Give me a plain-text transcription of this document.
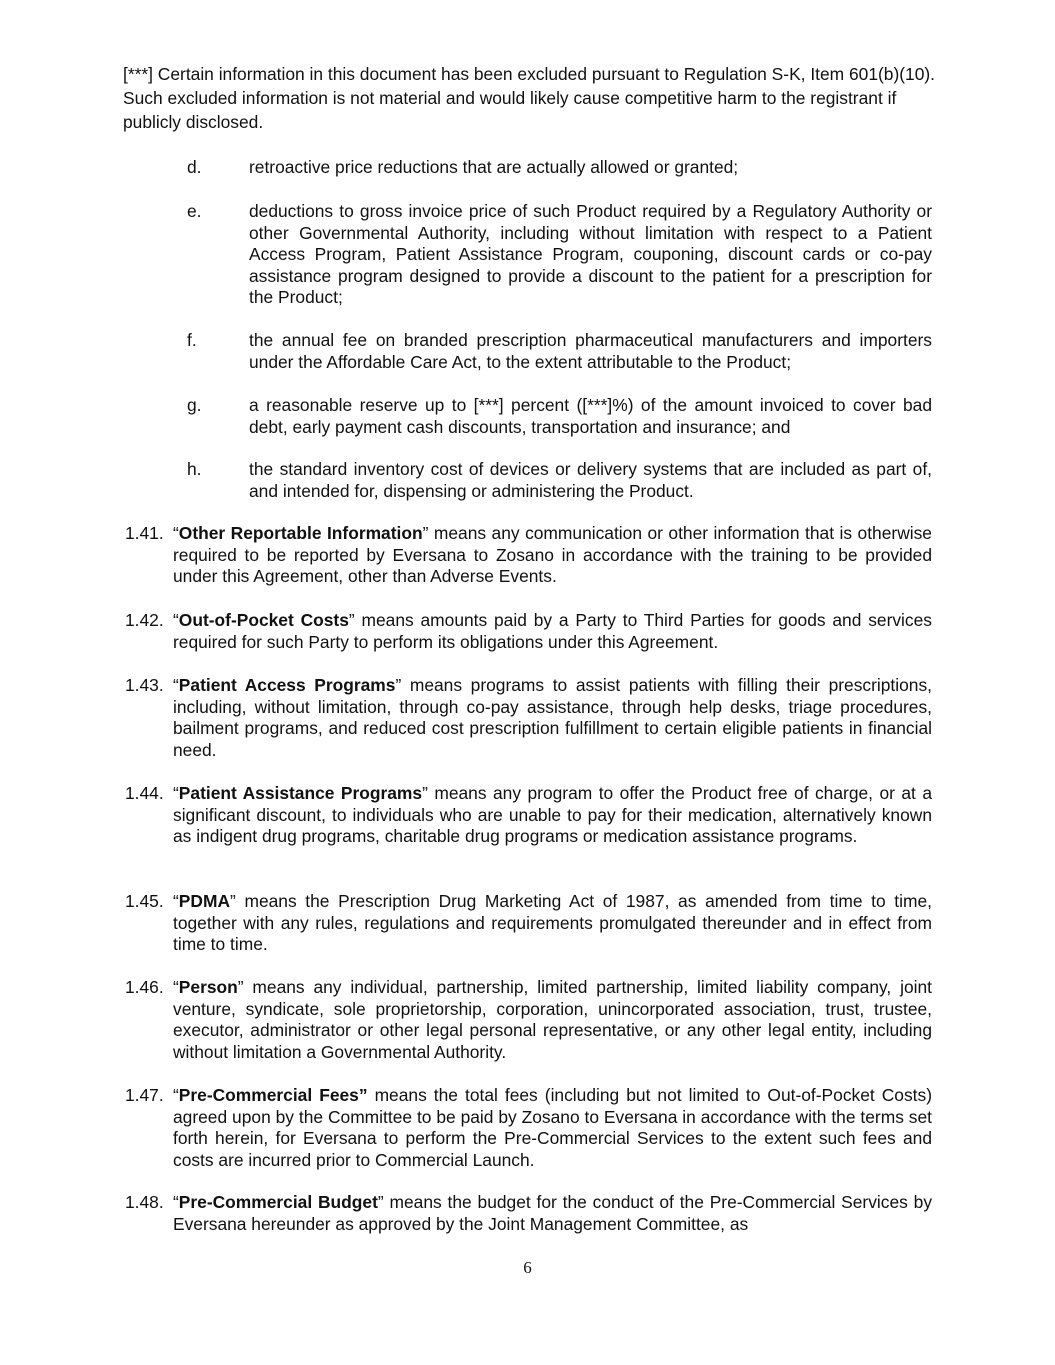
[***] Certain information in this document has been excluded pursuant to Regulation S-K, Item 601(b)(10). Such excluded information is not material and would likely cause competitive harm to the registrant if publicly disclosed.
d.	retroactive price reductions that are actually allowed or granted;
e.	deductions to gross invoice price of such Product required by a Regulatory Authority or other Governmental Authority, including without limitation with respect to a Patient Access Program, Patient Assistance Program, couponing, discount cards or co-pay assistance program designed to provide a discount to the patient for a prescription for the Product;
f.	the annual fee on branded prescription pharmaceutical manufacturers and importers under the Affordable Care Act, to the extent attributable to the Product;
g.	a reasonable reserve up to [***] percent ([***]%) of the amount invoiced to cover bad debt, early payment cash discounts, transportation and insurance; and
h.	the standard inventory cost of devices or delivery systems that are included as part of, and intended for, dispensing or administering the Product.
1.41. “Other Reportable Information” means any communication or other information that is otherwise required to be reported by Eversana to Zosano in accordance with the training to be provided under this Agreement, other than Adverse Events.
1.42. “Out-of-Pocket Costs” means amounts paid by a Party to Third Parties for goods and services required for such Party to perform its obligations under this Agreement.
1.43. “Patient Access Programs” means programs to assist patients with filling their prescriptions, including, without limitation, through co-pay assistance, through help desks, triage procedures, bailment programs, and reduced cost prescription fulfillment to certain eligible patients in financial need.
1.44. “Patient Assistance Programs” means any program to offer the Product free of charge, or at a significant discount, to individuals who are unable to pay for their medication, alternatively known as indigent drug programs, charitable drug programs or medication assistance programs.
1.45. “PDMA” means the Prescription Drug Marketing Act of 1987, as amended from time to time, together with any rules, regulations and requirements promulgated thereunder and in effect from time to time.
1.46. “Person” means any individual, partnership, limited partnership, limited liability company, joint venture, syndicate, sole proprietorship, corporation, unincorporated association, trust, trustee, executor, administrator or other legal personal representative, or any other legal entity, including without limitation a Governmental Authority.
1.47. “Pre-Commercial Fees” means the total fees (including but not limited to Out-of-Pocket Costs) agreed upon by the Committee to be paid by Zosano to Eversana in accordance with the terms set forth herein, for Eversana to perform the Pre-Commercial Services to the extent such fees and costs are incurred prior to Commercial Launch.
1.48. “Pre-Commercial Budget” means the budget for the conduct of the Pre-Commercial Services by Eversana hereunder as approved by the Joint Management Committee, as
6
